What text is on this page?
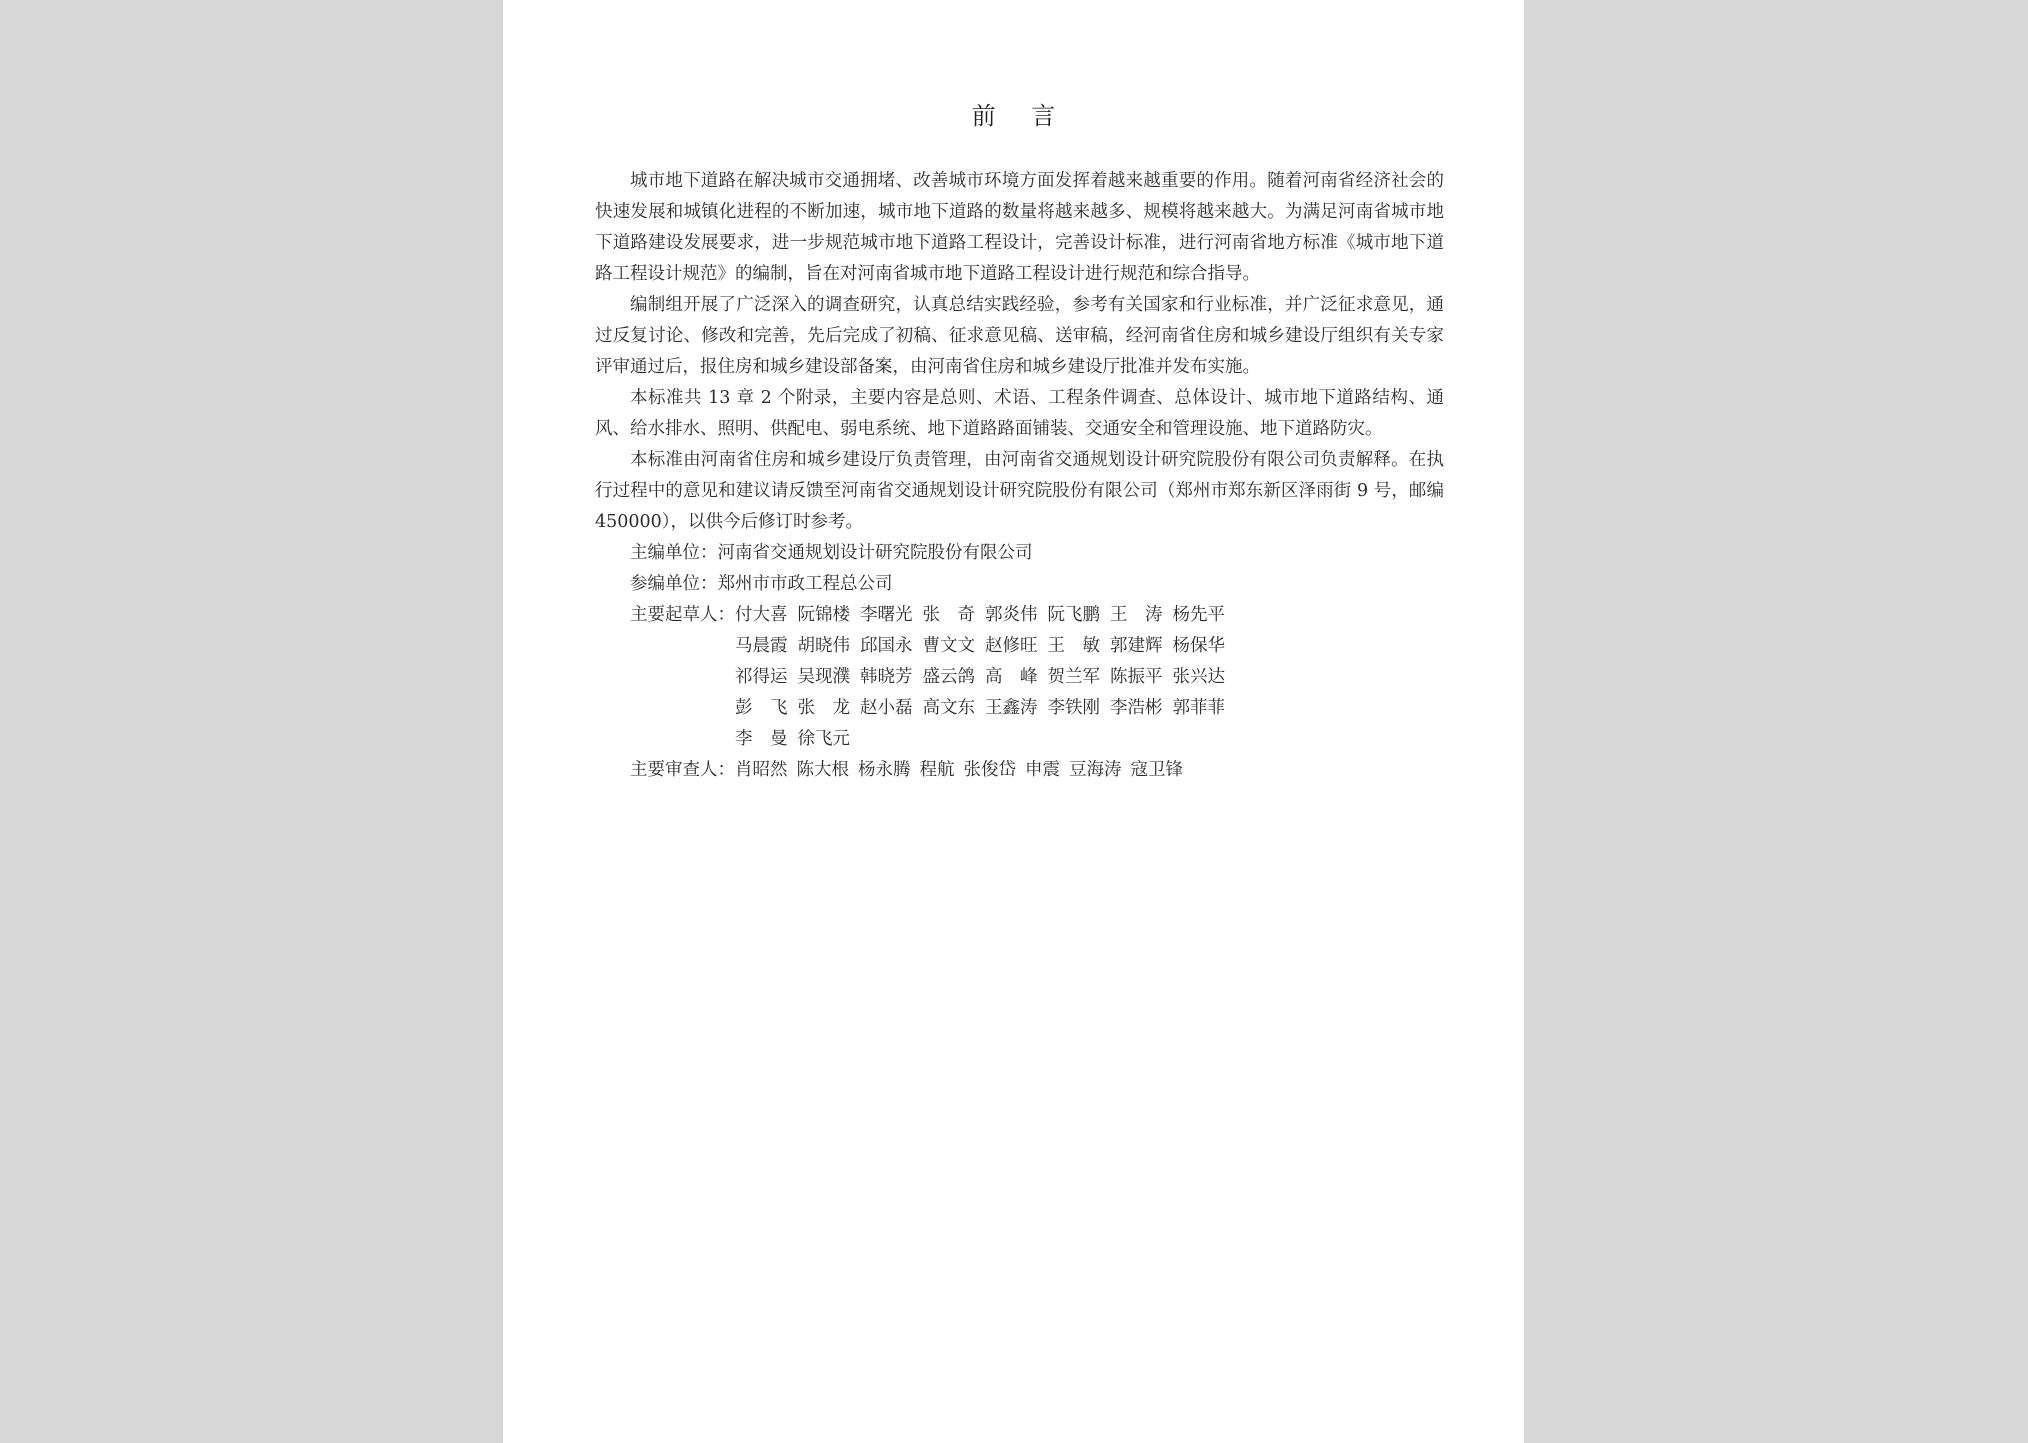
前 言

城市地下道路在解决城市交通拥堵、改善城市环境方面发挥着越来越重要的作用。随着河南省经济社会的快速发展和城镇化进程的不断加速，城市地下道路的数量将越来越多、规模将越来越大。为满足河南省城市地下道路建设发展要求，进一步规范城市地下道路工程设计，完善设计标准，进行河南省地方标准《城市地下道路工程设计规范》的编制，旨在对河南省城市地下道路工程设计进行规范和综合指导。

编制组开展了广泛深入的调查研究，认真总结实践经验，参考有关国家和行业标准，并广泛征求意见，通过反复讨论、修改和完善，先后完成了初稿、征求意见稿、送审稿，经河南省住房和城乡建设厅组织有关专家评审通过后，报住房和城乡建设部备案，由河南省住房和城乡建设厅批准并发布实施。

本标准共 13 章 2 个附录，主要内容是总则、术语、工程条件调查、总体设计、城市地下道路结构、通风、给水排水、照明、供配电、弱电系统、地下道路路面铺装、交通安全和管理设施、地下道路防灾。

本标准由河南省住房和城乡建设厅负责管理，由河南省交通规划设计研究院股份有限公司负责解释。在执行过程中的意见和建议请反馈至河南省交通规划设计研究院股份有限公司（郑州市郑东新区泽雨街 9 号，邮编 450000），以供今后修订时参考。

主编单位：河南省交通规划设计研究院股份有限公司

参编单位：郑州市市政工程总公司

主要起草人： 付大喜 阮锦楼 李曙光 张　奇 郭炎伟 阮飞鹏 王　涛 杨先平
马晨霞 胡晓伟 邱国永 曹文文 赵修旺 王　敏 郭建辉 杨保华
祁得运 吴现濮 韩晓芳 盛云鸽 高　峰 贺兰军 陈振平 张兴达
彭　飞 张　龙 赵小磊 高文东 王鑫涛 李铁刚 李浩彬 郭菲菲
李　曼 徐飞元
主要审查人： 肖昭然 陈大根 杨永腾 程航 张俊岱 申震 豆海涛 寇卫锋
